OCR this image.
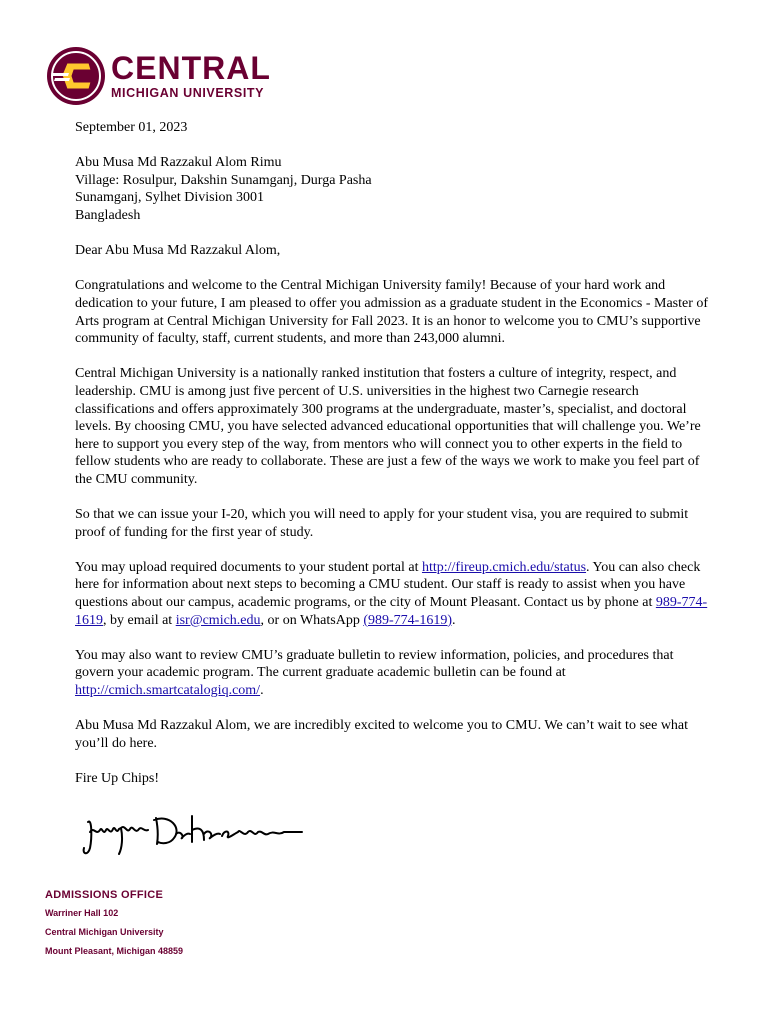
CENTRAL
MICHIGAN UNIVERSITY

September 01, 2023

Abu Musa Md Razzakul Alom Rimu
Village: Rosulpur, Dakshin Sunamganj, Durga Pasha
Sunamganj, Sylhet Division 3001
Bangladesh

Dear Abu Musa Md Razzakul Alom,

Congratulations and welcome to the Central Michigan University family! Because of your hard work and dedication to your future, I am pleased to offer you admission as a graduate student in the Economics - Master of Arts program at Central Michigan University for Fall 2023. It is an honor to welcome you to CMU’s supportive community of faculty, staff, current students, and more than 243,000 alumni.

Central Michigan University is a nationally ranked institution that fosters a culture of integrity, respect, and leadership. CMU is among just five percent of U.S. universities in the highest two Carnegie research classifications and offers approximately 300 programs at the undergraduate, master’s, specialist, and doctoral levels. By choosing CMU, you have selected advanced educational opportunities that will challenge you. We’re here to support you every step of the way, from mentors who will connect you to other experts in the field to fellow students who are ready to collaborate. These are just a few of the ways we work to make you feel part of the CMU community.

So that we can issue your I-20, which you will need to apply for your student visa, you are required to submit proof of funding for the first year of study.

You may upload required documents to your student portal at http://fireup.cmich.edu/status. You can also check here for information about next steps to becoming a CMU student. Our staff is ready to assist when you have questions about our campus, academic programs, or the city of Mount Pleasant. Contact us by phone at 989-774-1619, by email at isr@cmich.edu, or on WhatsApp (989-774-1619).

You may also want to review CMU’s graduate bulletin to review information, policies, and procedures that govern your academic program. The current graduate academic bulletin can be found at http://cmich.smartcatalogiq.com/.

Abu Musa Md Razzakul Alom, we are incredibly excited to welcome you to CMU. We can’t wait to see what you’ll do here.

Fire Up Chips!

ADMISSIONS OFFICE
Warriner Hall 102
Central Michigan University
Mount Pleasant, Michigan 48859
